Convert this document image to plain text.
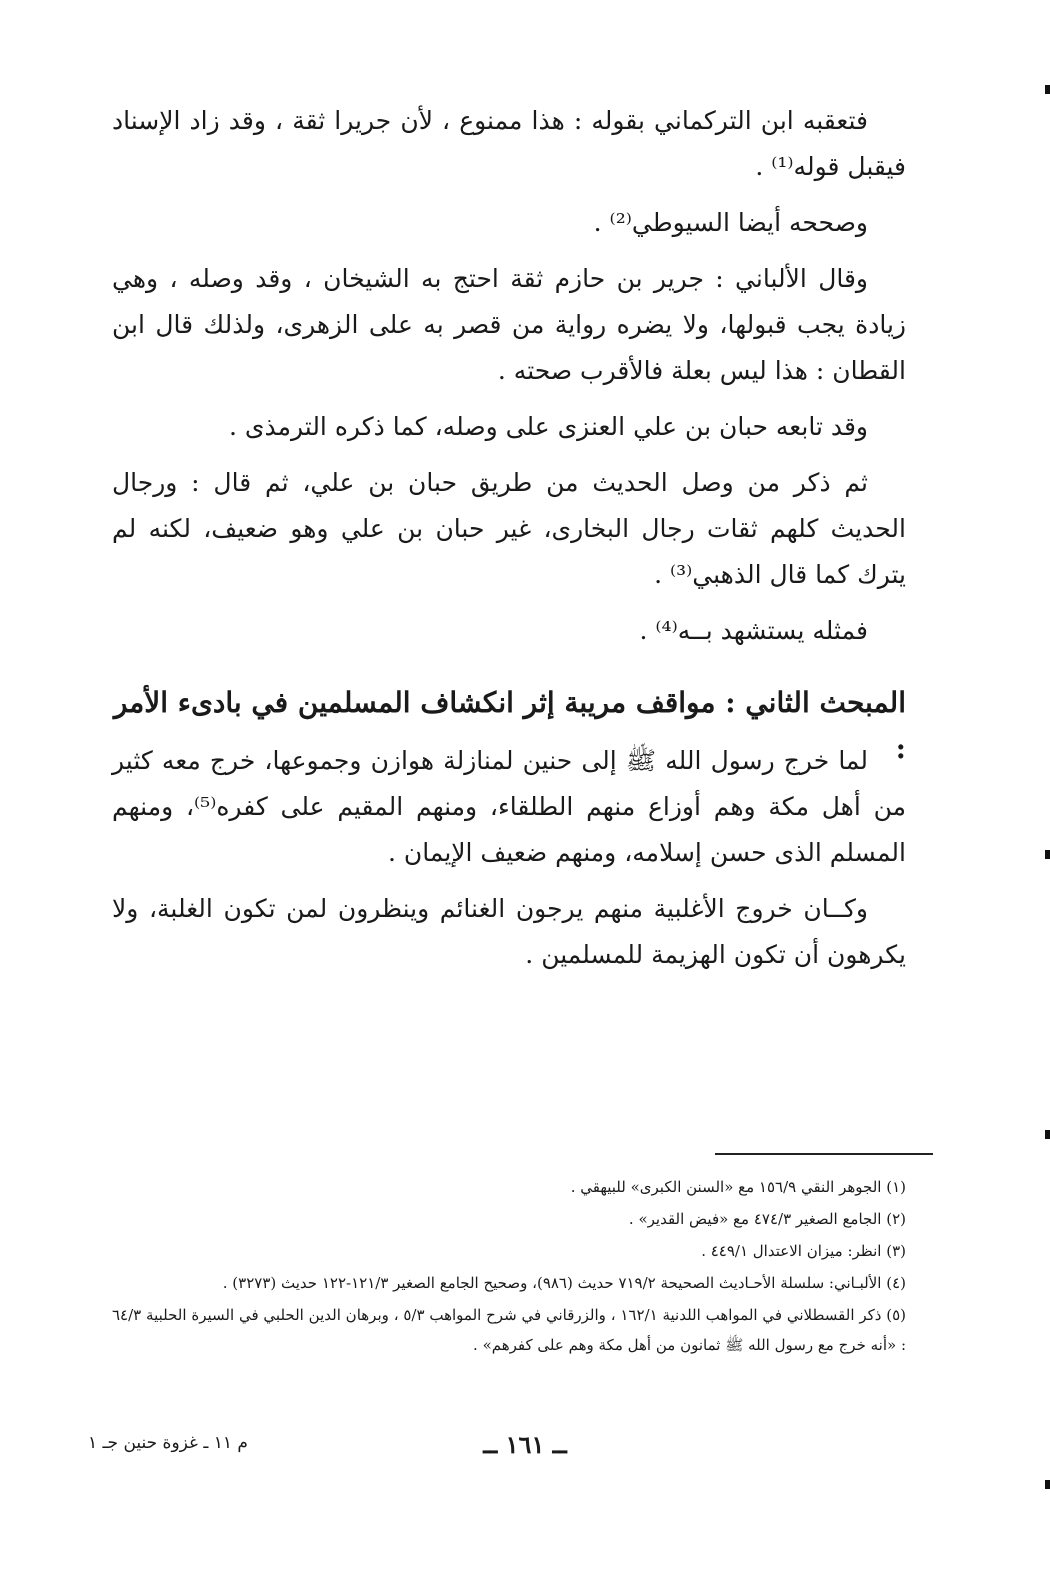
فتعقبه ابن التركماني بقوله : هذا ممنوع ، لأن جريرا ثقة ، وقد زاد الإسناد فيقبل قوله⁽¹⁾ .

وصححه أيضا السيوطي⁽²⁾ .

وقال الألباني : جرير بن حازم ثقة احتج به الشيخان ، وقد وصله ، وهي زيادة يجب قبولها، ولا يضره رواية من قصر به على الزهرى، ولذلك قال ابن القطان : هذا ليس بعلة فالأقرب صحته .

وقد تابعه حبان بن علي العنزى على وصله، كما ذكره الترمذى .

ثم ذكر من وصل الحديث من طريق حبان بن علي، ثم قال : ورجال الحديث كلهم ثقات رجال البخارى، غير حبان بن علي وهو ضعيف، لكنه لم يترك كما قال الذهبي⁽³⁾ .

فمثله يستشهد بــه⁽⁴⁾ .

المبحث الثاني : مواقف مريبة إثر انكشاف المسلمين في بادىء الأمر :

لما خرج رسول الله ﷺ إلى حنين لمنازلة هوازن وجموعها، خرج معه كثير من أهل مكة وهم أوزاع منهم الطلقاء، ومنهم المقيم على كفره⁽⁵⁾، ومنهم المسلم الذى حسن إسلامه، ومنهم ضعيف الإيمان .

وكــان خروج الأغلبية منهم يرجون الغنائم وينظرون لمن تكون الغلبة، ولا يكرهون أن تكون الهزيمة للمسلمين .

(١) الجوهر النقي ١٥٦/٩ مع «السنن الكبرى» للبيهقي .

(٢) الجامع الصغير ٤٧٤/٣ مع «فيض القدير» .

(٣) انظر: ميزان الاعتدال ٤٤٩/١ .

(٤) الألبـاني: سلسلة الأحـاديث الصحيحة ٧١٩/٢ حديث (٩٨٦)، وصحيح الجامع الصغير ١٢١/٣-١٢٢ حديث (٣٢٧٣) .

(٥) ذكر القسطلاني في المواهب اللدنية ١٦٢/١ ، والزرقاني في شرح المواهب ٥/٣ ، وبرهان الدين الحلبي في السيرة الحلبية ٦٤/٣ : «أنه خرج مع رسول الله ﷺ ثمانون من أهل مكة وهم على كفرهم» .

ــ ١٦١ ــ
م ١١ ـ غزوة حنين جـ ١
